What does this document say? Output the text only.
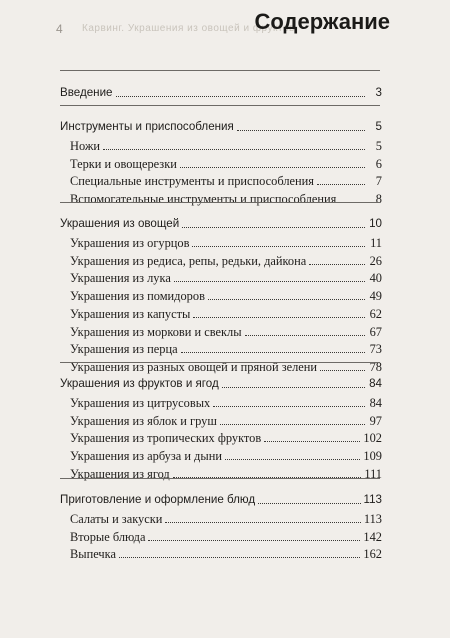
4 Карвинг. Украшения из овощей и фруктов
Содержание
Введение	3
Инструменты и приспособления	5
Ножи	5
Терки и овощерезки	6
Специальные инструменты и приспособления	7
Вспомогательные инструменты и приспособления	8
Украшения из овощей	10
Украшения из огурцов	11
Украшения из редиса, репы, редьки, дайкона	26
Украшения из лука	40
Украшения из помидоров	49
Украшения из капусты	62
Украшения из моркови и свеклы	67
Украшения из перца	73
Украшения из разных овощей и пряной зелени	78
Украшения из фруктов и ягод	84
Украшения из цитрусовых	84
Украшения из яблок и груш	97
Украшения из тропических фруктов	102
Украшения из арбуза и дыни	109
Украшения из ягод	111
Приготовление и оформление блюд	113
Салаты и закуски	113
Вторые блюда	142
Выпечка	162
